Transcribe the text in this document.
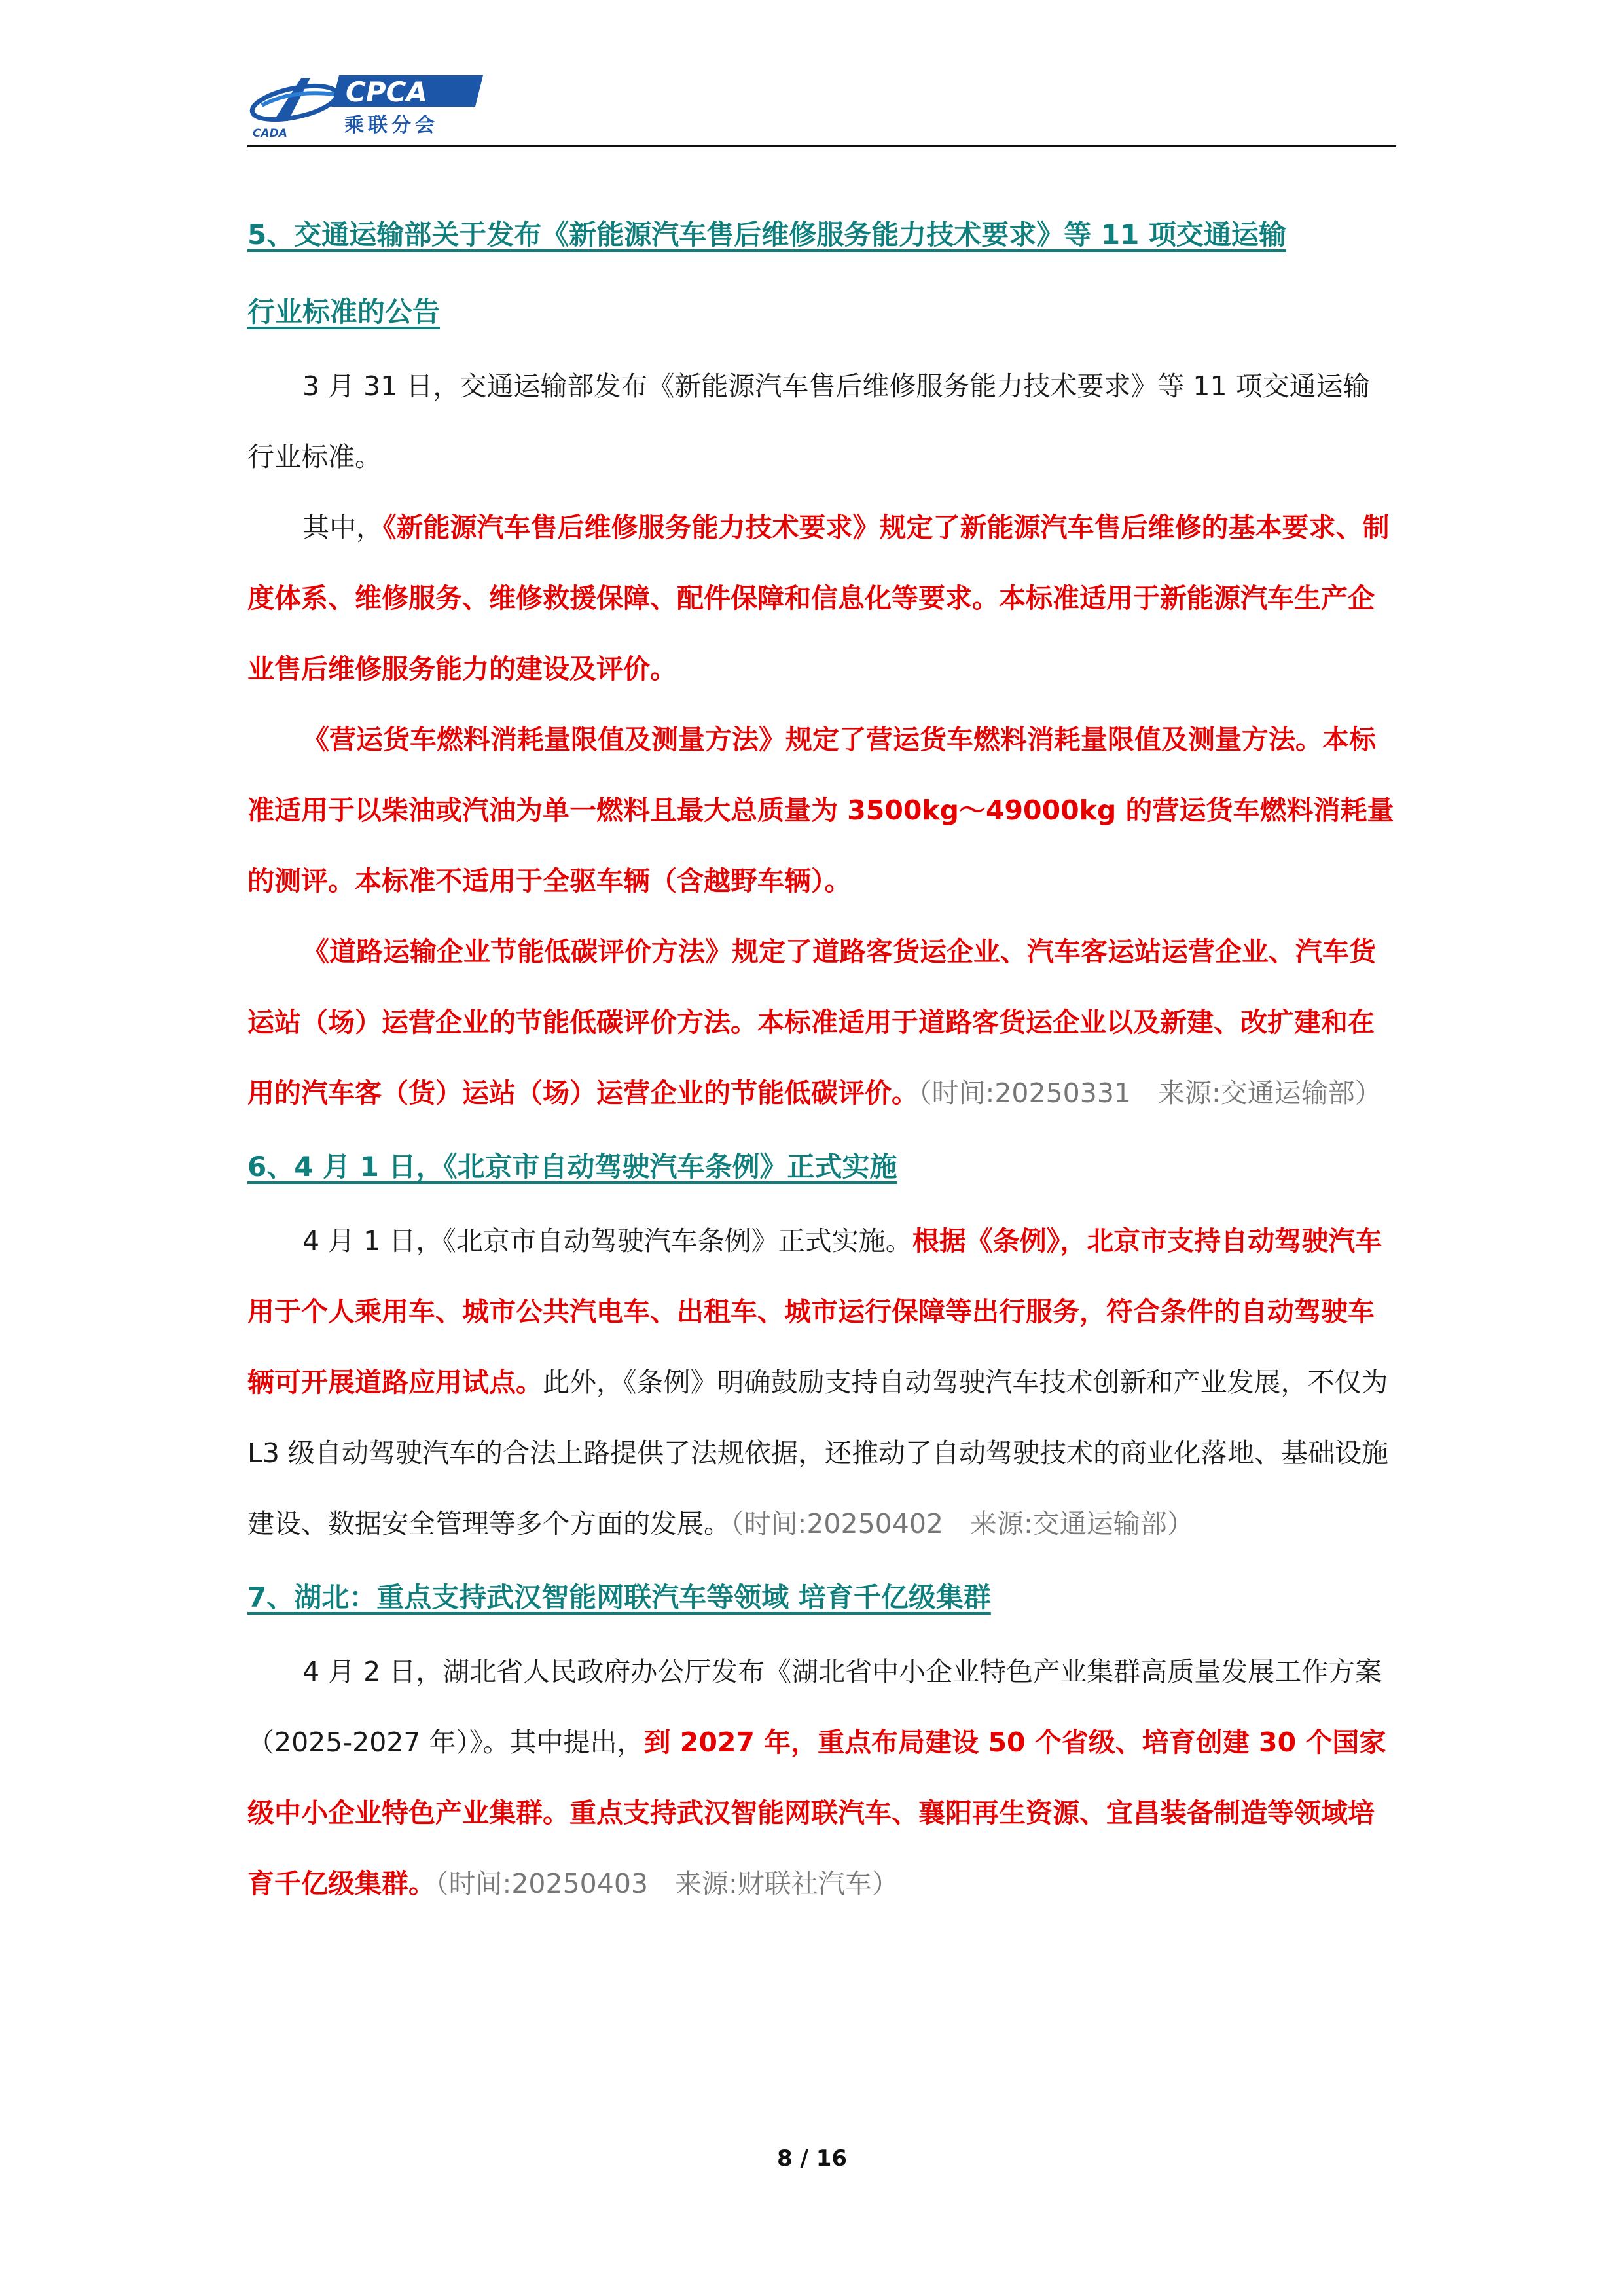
CADA
CPCA
乘联分会
5、交通运输部关于发布《新能源汽车售后维修服务能力技术要求》等 11 项交通运输
行业标准的公告

3 月 31 日，交通运输部发布《新能源汽车售后维修服务能力技术要求》等 11 项交通运输行业标准。

其中，《新能源汽车售后维修服务能力技术要求》规定了新能源汽车售后维修的基本要求、制度体系、维修服务、维修救援保障、配件保障和信息化等要求。本标准适用于新能源汽车生产企业售后维修服务能力的建设及评价。

《营运货车燃料消耗量限值及测量方法》规定了营运货车燃料消耗量限值及测量方法。本标准适用于以柴油或汽油为单一燃料且最大总质量为 3500kg～49000kg 的营运货车燃料消耗量的测评。本标准不适用于全驱车辆（含越野车辆）。

《道路运输企业节能低碳评价方法》规定了道路客货运企业、汽车客运站运营企业、汽车货运站（场）运营企业的节能低碳评价方法。本标准适用于道路客货运企业以及新建、改扩建和在用的汽车客（货）运站（场）运营企业的节能低碳评价。（时间:20250331　来源:交通运输部）

6、4 月 1 日，《北京市自动驾驶汽车条例》正式实施

4 月 1 日，《北京市自动驾驶汽车条例》正式实施。根据《条例》，北京市支持自动驾驶汽车用于个人乘用车、城市公共汽电车、出租车、城市运行保障等出行服务，符合条件的自动驾驶车辆可开展道路应用试点。此外，《条例》明确鼓励支持自动驾驶汽车技术创新和产业发展，不仅为 L3 级自动驾驶汽车的合法上路提供了法规依据，还推动了自动驾驶技术的商业化落地、基础设施建设、数据安全管理等多个方面的发展。（时间:20250402　来源:交通运输部）

7、湖北：重点支持武汉智能网联汽车等领域 培育千亿级集群

4 月 2 日，湖北省人民政府办公厅发布《湖北省中小企业特色产业集群高质量发展工作方案（2025-2027 年）》。其中提出，到 2027 年，重点布局建设 50 个省级、培育创建 30 个国家级中小企业特色产业集群。重点支持武汉智能网联汽车、襄阳再生资源、宜昌装备制造等领域培育千亿级集群。（时间:20250403　来源:财联社汽车）

8 / 16
